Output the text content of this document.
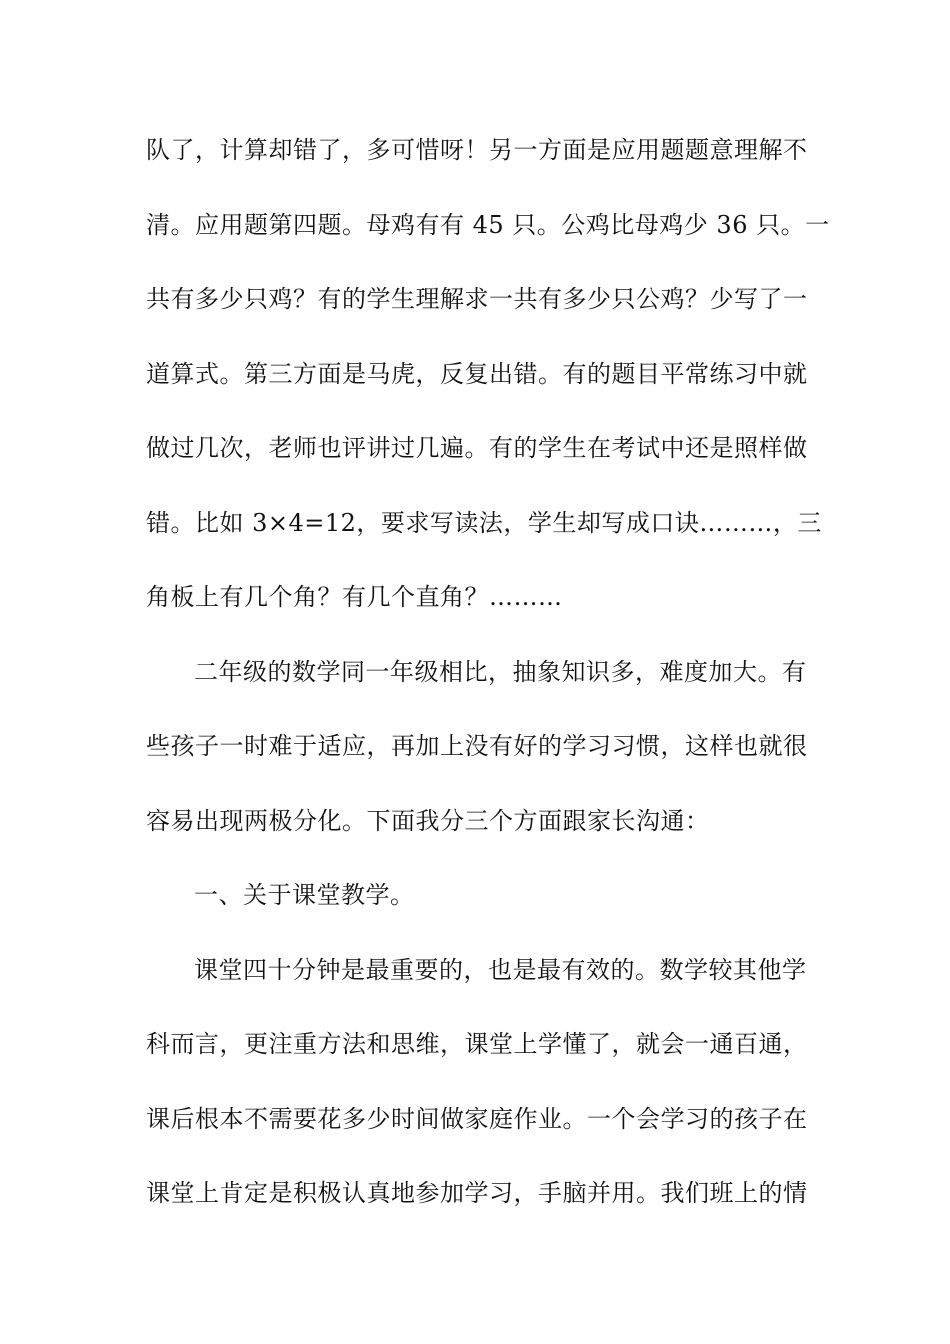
队了，计算却错了，多可惜呀！另一方面是应用题题意理解不
清。应用题第四题。母鸡有有 45 只。公鸡比母鸡少 36 只。一
共有多少只鸡？有的学生理解求一共有多少只公鸡？少写了一
道算式。第三方面是马虎，反复出错。有的题目平常练习中就
做过几次，老师也评讲过几遍。有的学生在考试中还是照样做
错。比如 3×4=12，要求写读法，学生却写成口诀………，三
角板上有几个角？有几个直角？………
二年级的数学同一年级相比，抽象知识多，难度加大。有
些孩子一时难于适应，再加上没有好的学习习惯，这样也就很
容易出现两极分化。下面我分三个方面跟家长沟通：
一、关于课堂教学。
课堂四十分钟是最重要的，也是最有效的。数学较其他学
科而言，更注重方法和思维，课堂上学懂了，就会一通百通，
课后根本不需要花多少时间做家庭作业。一个会学习的孩子在
课堂上肯定是积极认真地参加学习，手脑并用。我们班上的情
